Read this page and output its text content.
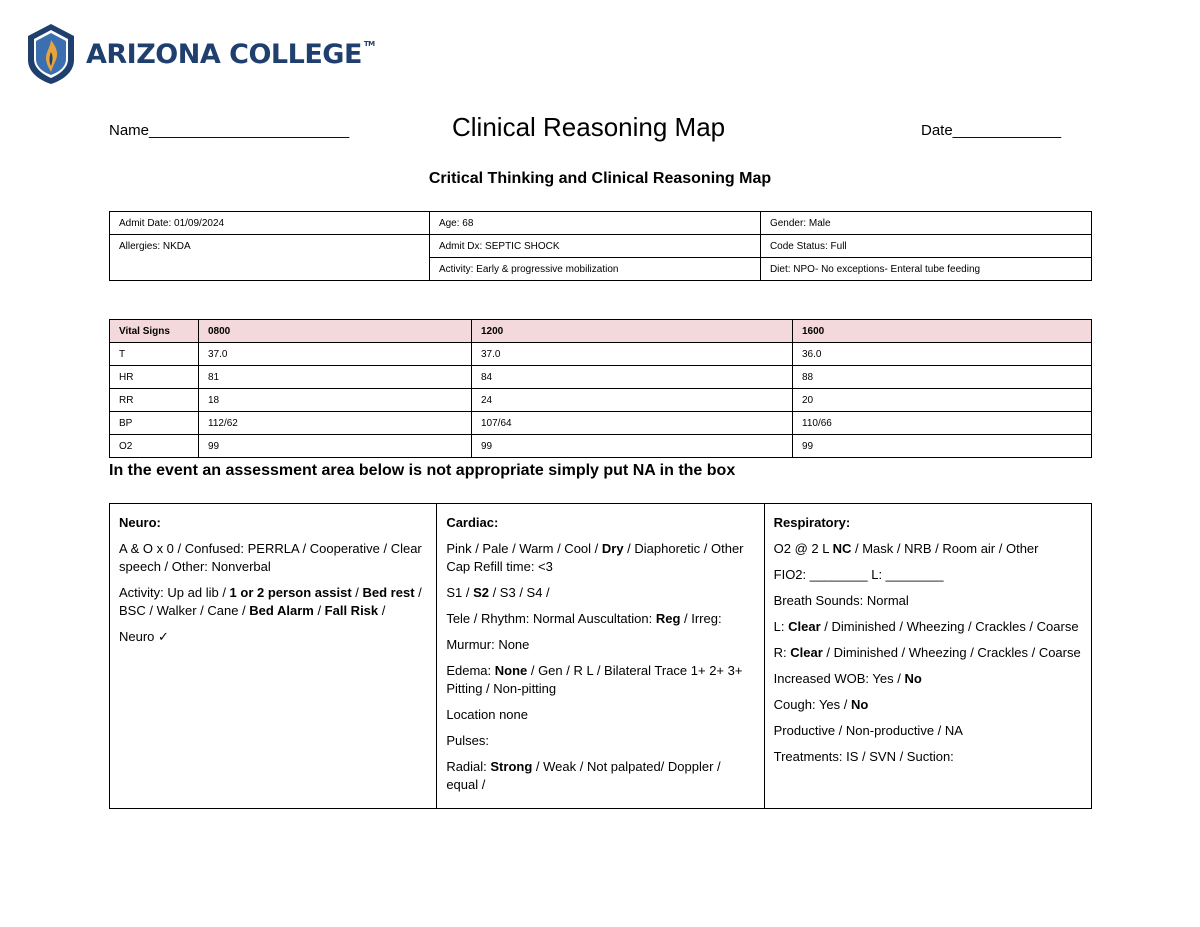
ARIZONA COLLEGE ™
Name________________________	Clinical Reasoning Map	Date_____________
Critical Thinking and Clinical Reasoning Map
Admit Date: 01/09/2024	Age: 68	Gender: Male
Allergies: NKDA	Admit Dx: SEPTIC SHOCK	Code Status: Full
	Activity: Early & progressive mobilization	Diet: NPO- No exceptions- Enteral tube feeding
Vital Signs	0800	1200	1600
T	37.0	37.0	36.0
HR	81	84	88
RR	18	24	20
BP	112/62	107/64	110/66
O2	99	99	99
In the event an assessment area below is not appropriate simply put NA in the box

Neuro:

A & O x 0 / Confused: PERRLA / Cooperative / Clear speech / Other: Nonverbal

Activity: Up ad lib / 1 or 2 person assist / Bed rest / BSC / Walker / Cane / Bed Alarm / Fall Risk /

Neuro ✓

Cardiac:

Pink / Pale / Warm / Cool / Dry / Diaphoretic / Other Cap Refill time: <3

S1 / S2 / S3 / S4 /

Tele / Rhythm: Normal Auscultation: Reg / Irreg:

Murmur: None

Edema: None / Gen / R L / Bilateral Trace 1+ 2+ 3+ Pitting / Non-pitting

Location none

Pulses:

Radial: Strong / Weak / Not palpated/ Doppler / equal /

Respiratory:

O2 @ 2 L NC / Mask / NRB / Room air / Other

FIO2: ________ L: ________

Breath Sounds: Normal

L: Clear / Diminished / Wheezing / Crackles / Coarse

R: Clear / Diminished / Wheezing / Crackles / Coarse

Increased WOB: Yes / No

Cough: Yes / No

Productive / Non-productive / NA

Treatments: IS / SVN / Suction:
